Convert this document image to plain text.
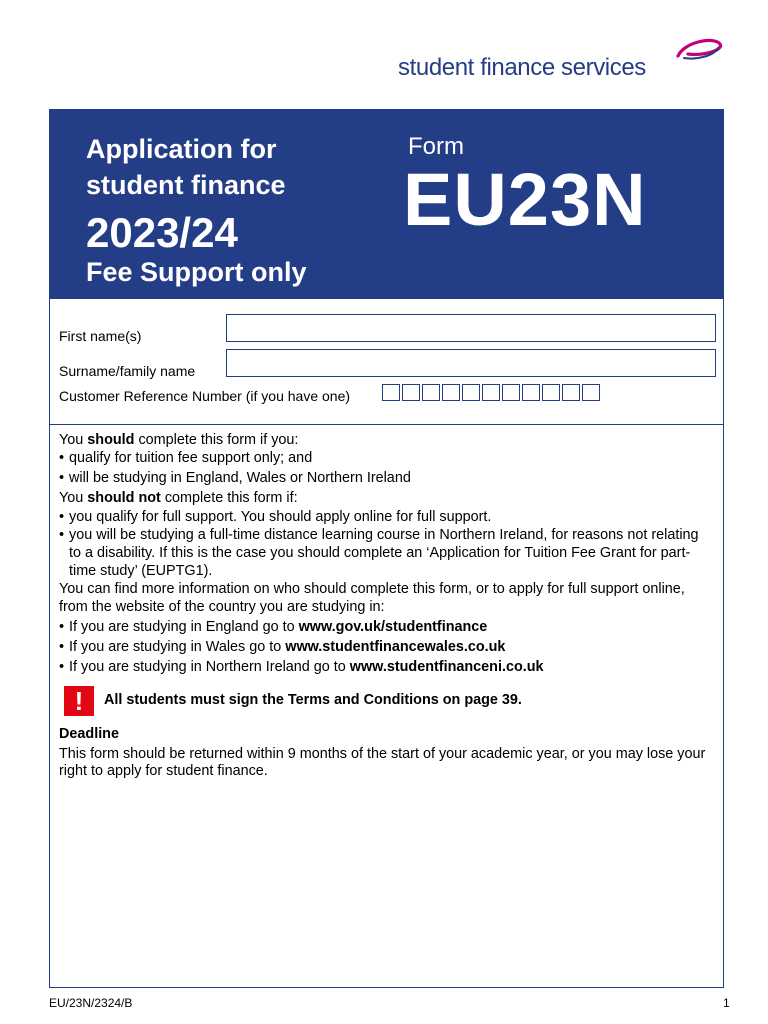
student finance services
Application for
student finance
2023/24
Fee Support only
Form
EU23N
First name(s)
Surname/family name
Customer Reference Number (if you have one)

You should complete this form if you:

• qualify for tuition fee support only; and

• will be studying in England, Wales or Northern Ireland

You should not complete this form if:

• you qualify for full support. You should apply online for full support.

• you will be studying a full-time distance learning course in Northern Ireland, for reasons not relating to a disability. If this is the case you should complete an ‘Application for Tuition Fee Grant for part-time study’ (EUPTG1).

You can find more information on who should complete this form, or to apply for full support online, from the website of the country you are studying in:

• If you are studying in England go to www.gov.uk/studentfinance

• If you are studying in Wales go to www.studentfinancewales.co.uk

• If you are studying in Northern Ireland go to www.studentfinanceni.co.uk

!	All students must sign the Terms and Conditions on page 39.
Deadline
This form should be returned within 9 months of the start of your academic year, or you may lose your right to apply for student finance.
EU/23N/2324/B	1
